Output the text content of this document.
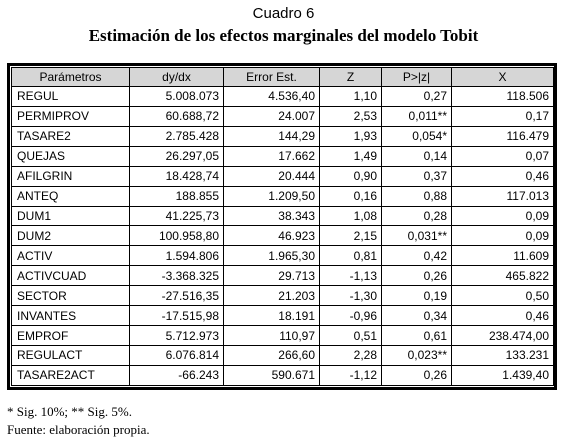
Cuadro 6
Estimación de los efectos marginales del modelo Tobit
Parámetros	dy/dx	Error Est.	Z	P>|z|	X
REGUL	5.008.073	4.536,40	1,10	0,27	118.506
PERMIPROV	60.688,72	24.007	2,53	0,011**	0,17
TASARE2	2.785.428	144,29	1,93	0,054*	116.479
QUEJAS	26.297,05	17.662	1,49	0,14	0,07
AFILGRIN	18.428,74	20.444	0,90	0,37	0,46
ANTEQ	188.855	1.209,50	0,16	0,88	117.013
DUM1	41.225,73	38.343	1,08	0,28	0,09
DUM2	100.958,80	46.923	2,15	0,031**	0,09
ACTIV	1.594.806	1.965,30	0,81	0,42	11.609
ACTIVCUAD	-3.368.325	29.713	-1,13	0,26	465.822
SECTOR	-27.516,35	21.203	-1,30	0,19	0,50
INVANTES	-17.515,98	18.191	-0,96	0,34	0,46
EMPROF	5.712.973	110,97	0,51	0,61	238.474,00
REGULACT	6.076.814	266,60	2,28	0,023**	133.231
TASARE2ACT	-66.243	590.671	-1,12	0,26	1.439,40
* Sig. 10%; ** Sig. 5%.
Fuente: elaboración propia.
